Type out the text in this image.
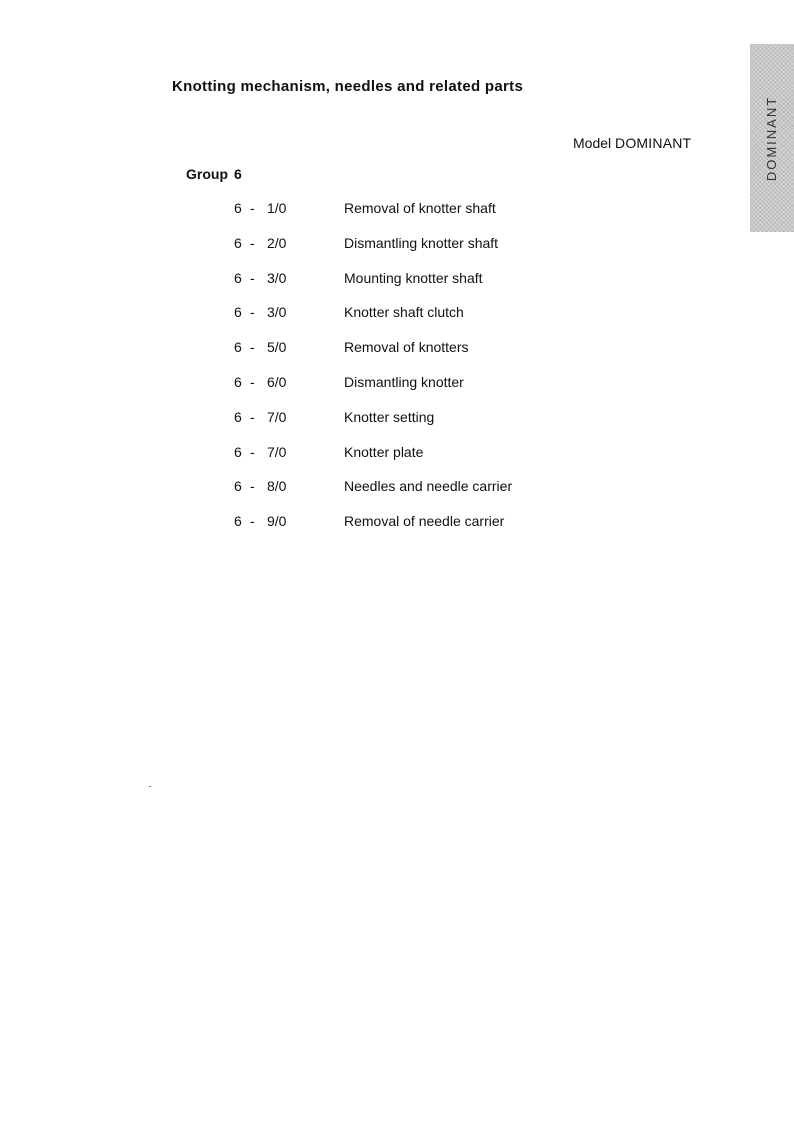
Knotting mechanism, needles and related parts
DOMINANT
Model DOMINANT
Group 6
6 - 1/0	Removal of knotter shaft
6 - 2/0	Dismantling knotter shaft
6 - 3/0	Mounting knotter shaft
6 - 3/0	Knotter shaft clutch
6 - 5/0	Removal of knotters
6 - 6/0	Dismantling knotter
6 - 7/0	Knotter setting
6 - 7/0	Knotter plate
6 - 8/0	Needles and needle carrier
6 - 9/0	Removal of needle carrier
